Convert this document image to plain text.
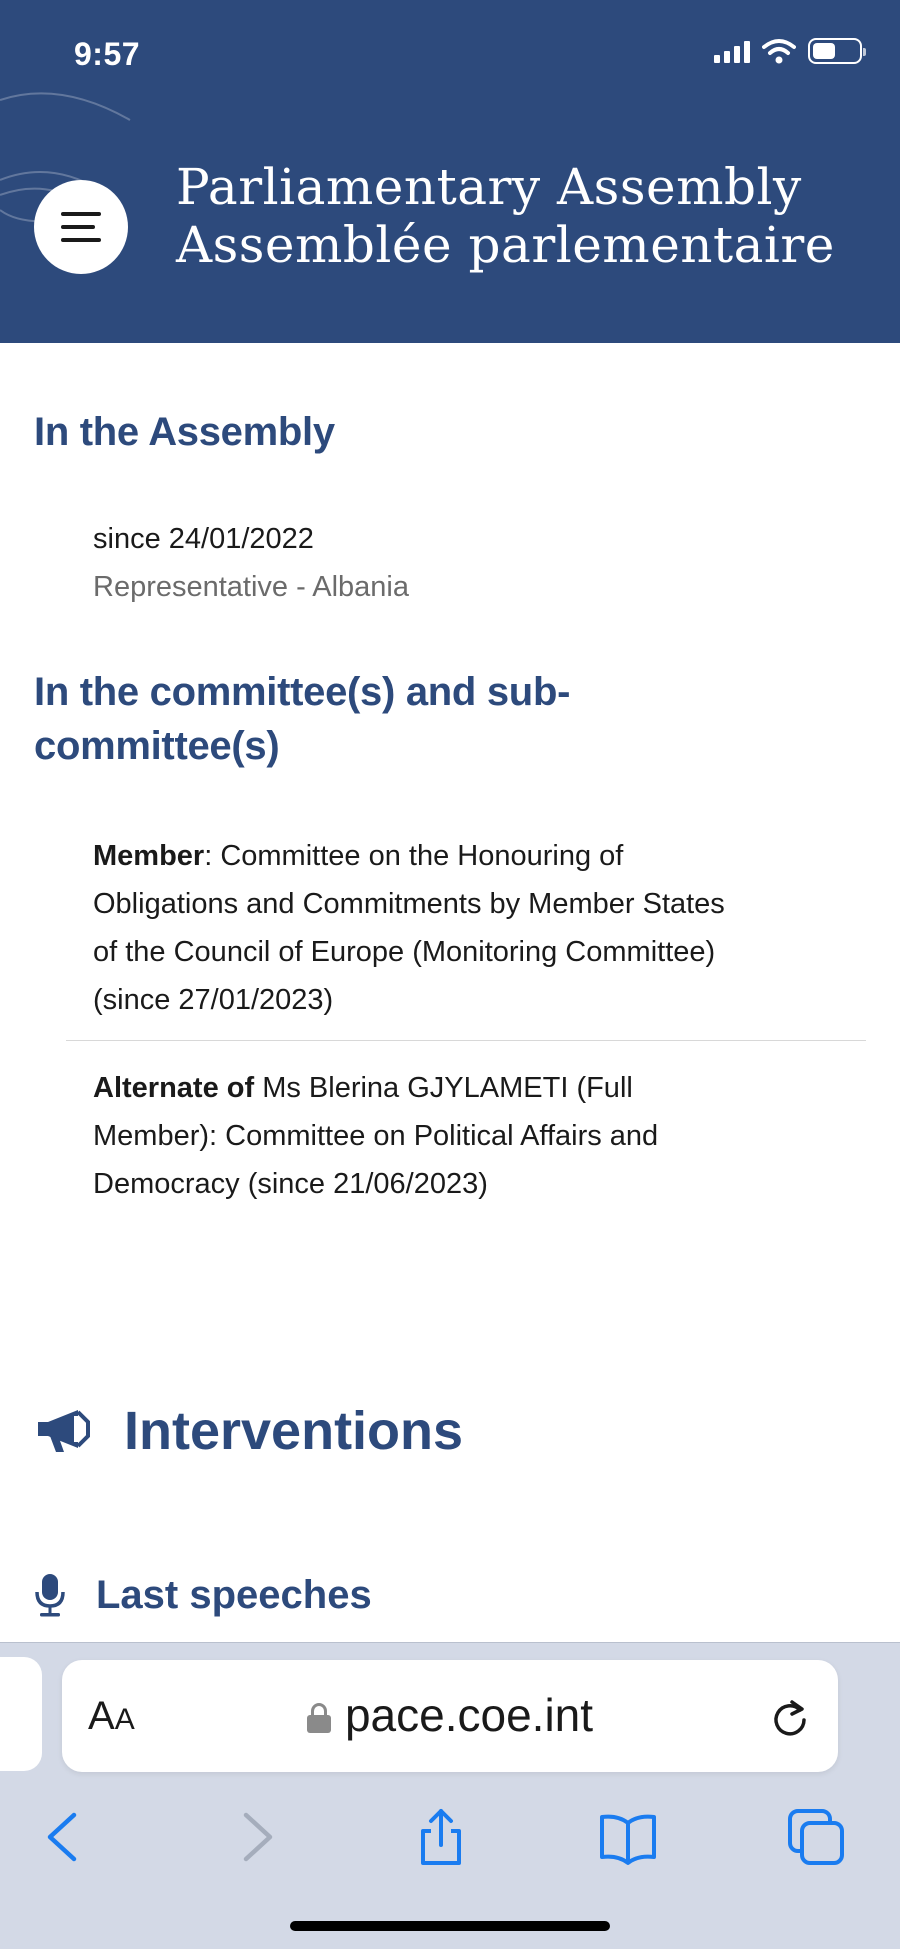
9:57
Parliamentary Assembly
Assemblée parlementaire
In the Assembly
since 24/01/2022
Representative - Albania
In the committee(s) and sub-
committee(s)
Member: Committee on the Honouring of
Obligations and Commitments by Member States
of the Council of Europe (Monitoring Committee)
(since 27/01/2023)
Alternate of Ms Blerina GJYLAMETI (Full
Member): Committee on Political Affairs and
Democracy (since 21/06/2023)
Interventions
Last speeches
AA	pace.coe.int
